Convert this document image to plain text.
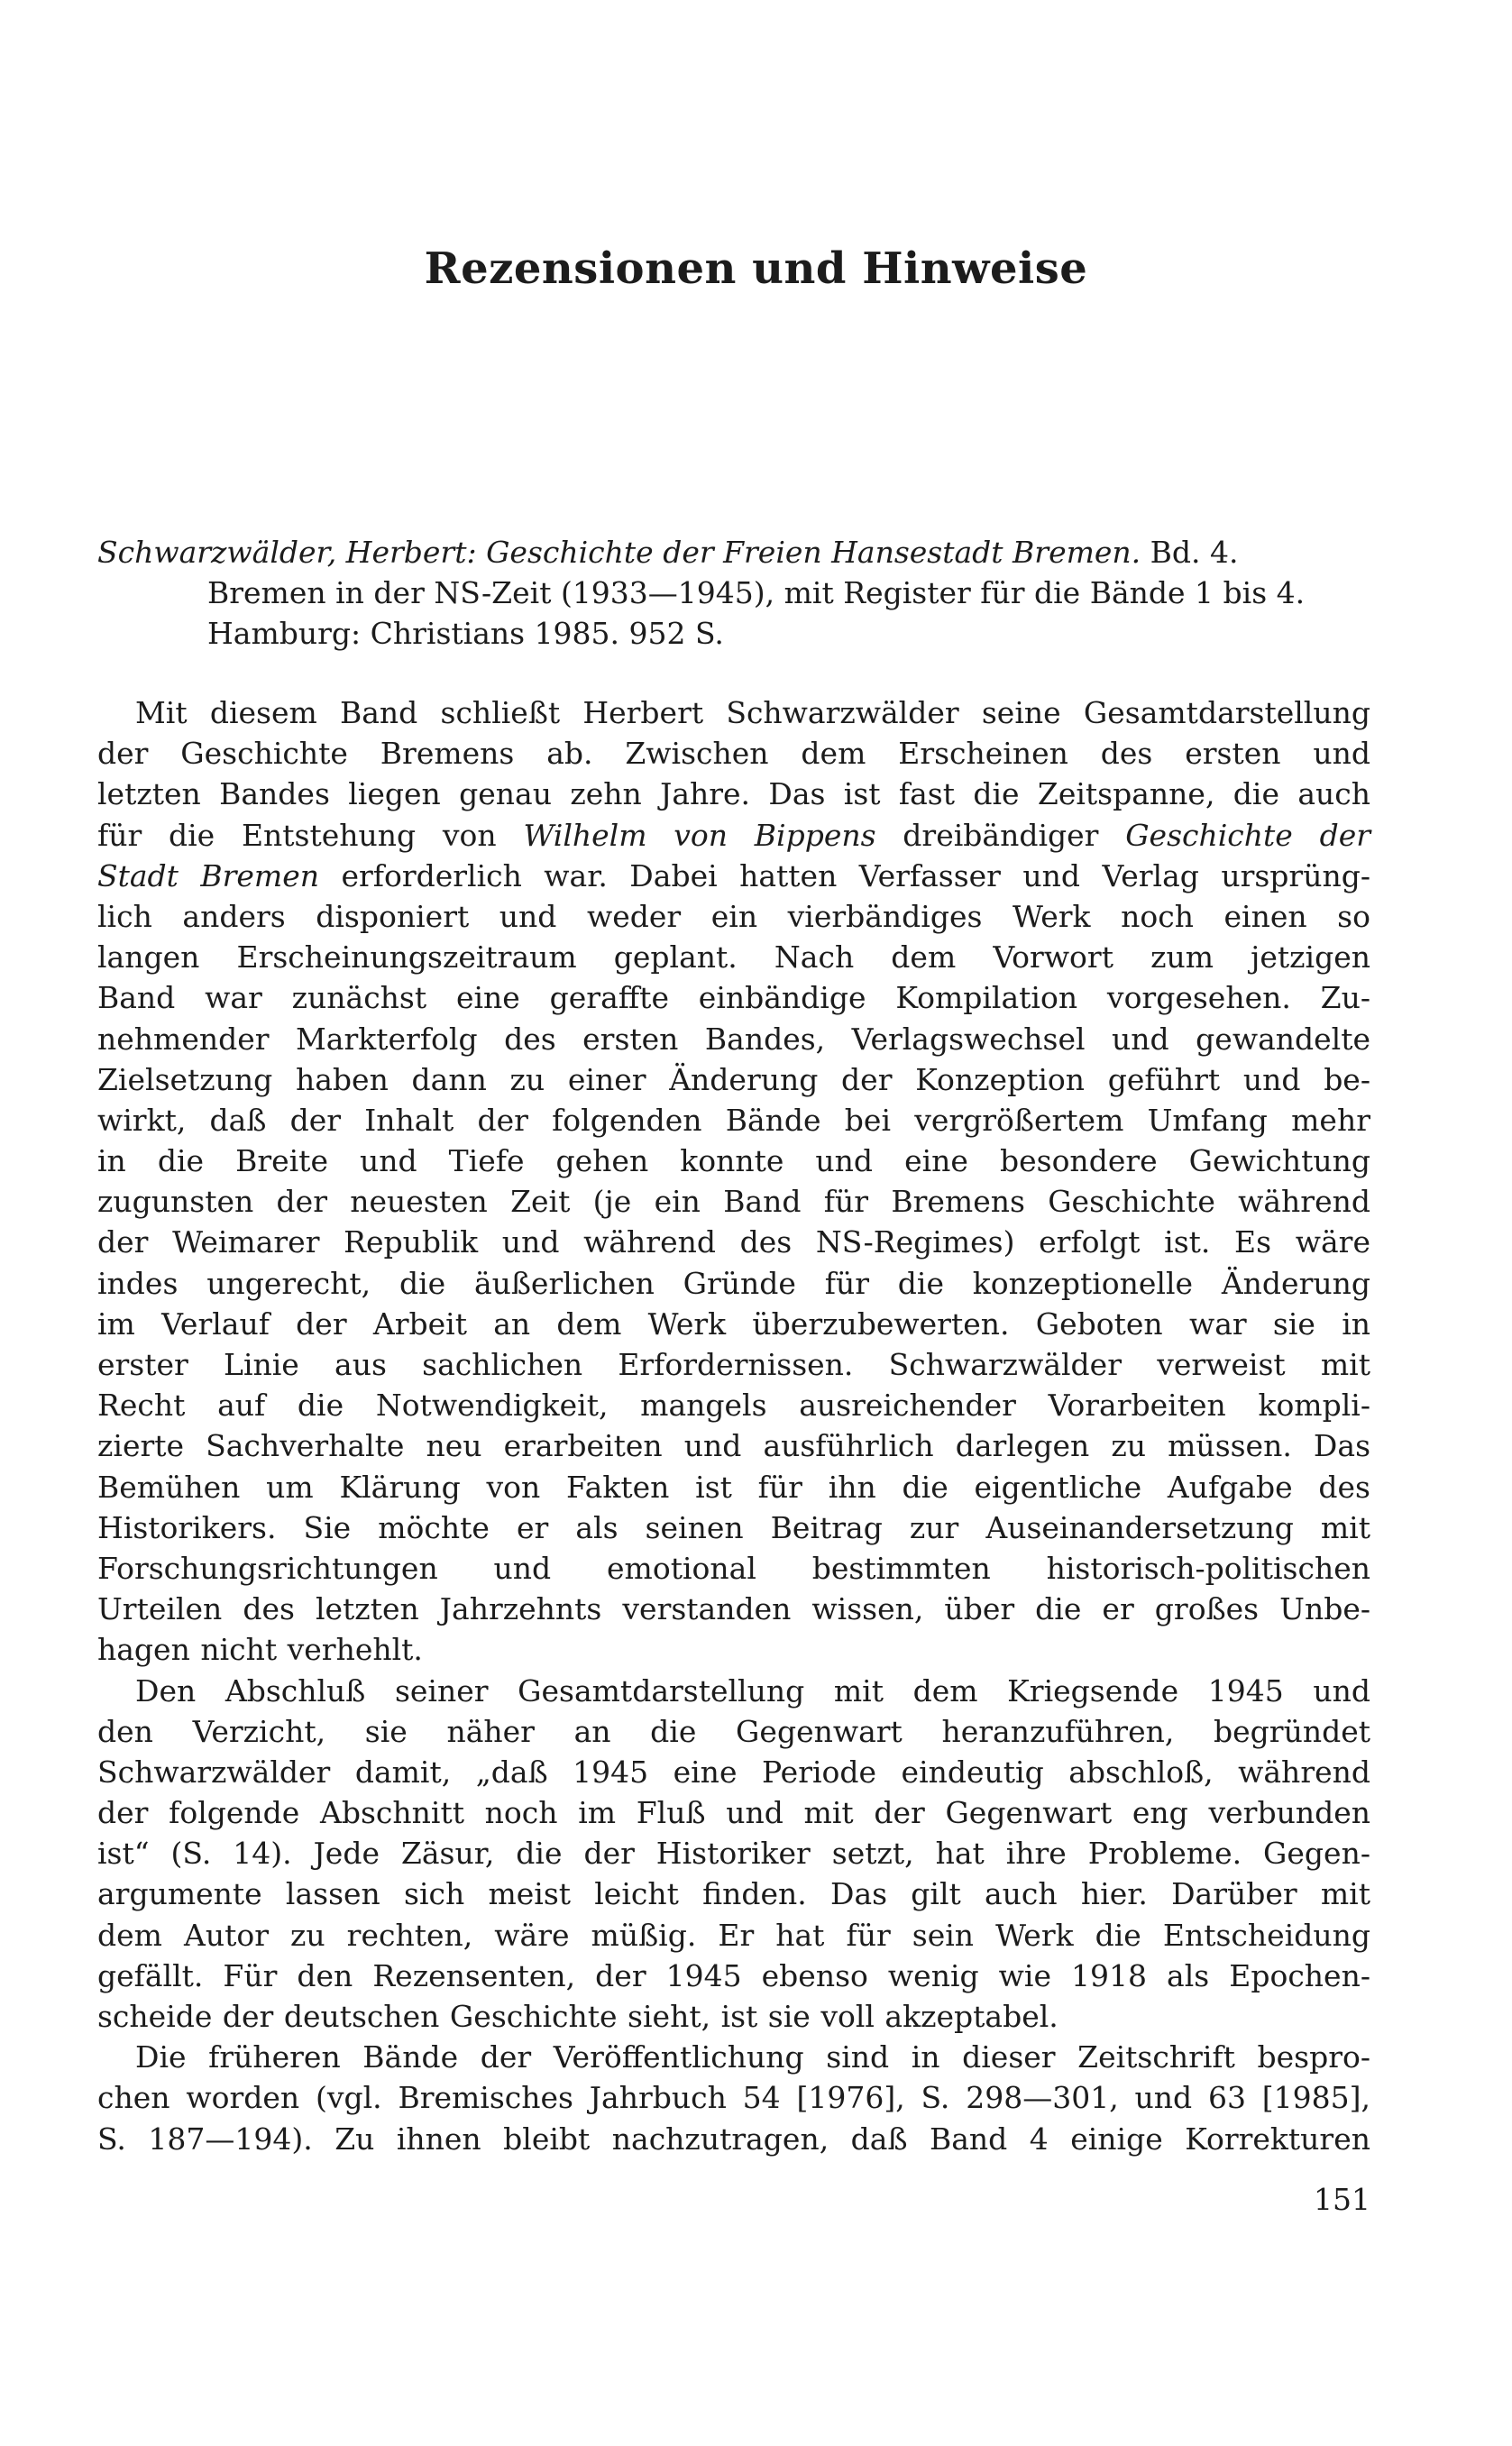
Rezensionen und Hinweise
Schwarzwälder, Herbert: Geschichte der Freien Hansestadt Bremen. Bd. 4.
Bremen in der NS-Zeit (1933—1945), mit Register für die Bände 1 bis 4.
Hamburg: Christians 1985. 952 S.
Mit diesem Band schließt Herbert Schwarzwälder seine Gesamtdarstellung
der Geschichte Bremens ab. Zwischen dem Erscheinen des ersten und
letzten Bandes liegen genau zehn Jahre. Das ist fast die Zeitspanne, die auch
für die Entstehung von Wilhelm von Bippens dreibändiger Geschichte der
Stadt Bremen erforderlich war. Dabei hatten Verfasser und Verlag ursprüng-
lich anders disponiert und weder ein vierbändiges Werk noch einen so
langen Erscheinungszeitraum geplant. Nach dem Vorwort zum jetzigen
Band war zunächst eine geraffte einbändige Kompilation vorgesehen. Zu-
nehmender Markterfolg des ersten Bandes, Verlagswechsel und gewandelte
Zielsetzung haben dann zu einer Änderung der Konzeption geführt und be-
wirkt, daß der Inhalt der folgenden Bände bei vergrößertem Umfang mehr
in die Breite und Tiefe gehen konnte und eine besondere Gewichtung
zugunsten der neuesten Zeit (je ein Band für Bremens Geschichte während
der Weimarer Republik und während des NS-Regimes) erfolgt ist. Es wäre
indes ungerecht, die äußerlichen Gründe für die konzeptionelle Änderung
im Verlauf der Arbeit an dem Werk überzubewerten. Geboten war sie in
erster Linie aus sachlichen Erfordernissen. Schwarzwälder verweist mit
Recht auf die Notwendigkeit, mangels ausreichender Vorarbeiten kompli-
zierte Sachverhalte neu erarbeiten und ausführlich darlegen zu müssen. Das
Bemühen um Klärung von Fakten ist für ihn die eigentliche Aufgabe des
Historikers. Sie möchte er als seinen Beitrag zur Auseinandersetzung mit
Forschungsrichtungen und emotional bestimmten historisch-politischen
Urteilen des letzten Jahrzehnts verstanden wissen, über die er großes Unbe-
hagen nicht verhehlt.
Den Abschluß seiner Gesamtdarstellung mit dem Kriegsende 1945 und
den Verzicht, sie näher an die Gegenwart heranzuführen, begründet
Schwarzwälder damit, „daß 1945 eine Periode eindeutig abschloß, während
der folgende Abschnitt noch im Fluß und mit der Gegenwart eng verbunden
ist“ (S. 14). Jede Zäsur, die der Historiker setzt, hat ihre Probleme. Gegen-
argumente lassen sich meist leicht finden. Das gilt auch hier. Darüber mit
dem Autor zu rechten, wäre müßig. Er hat für sein Werk die Entscheidung
gefällt. Für den Rezensenten, der 1945 ebenso wenig wie 1918 als Epochen-
scheide der deutschen Geschichte sieht, ist sie voll akzeptabel.
Die früheren Bände der Veröffentlichung sind in dieser Zeitschrift bespro-
chen worden (vgl. Bremisches Jahrbuch 54 [1976], S. 298—301, und 63 [1985],
S. 187—194). Zu ihnen bleibt nachzutragen, daß Band 4 einige Korrekturen
151
